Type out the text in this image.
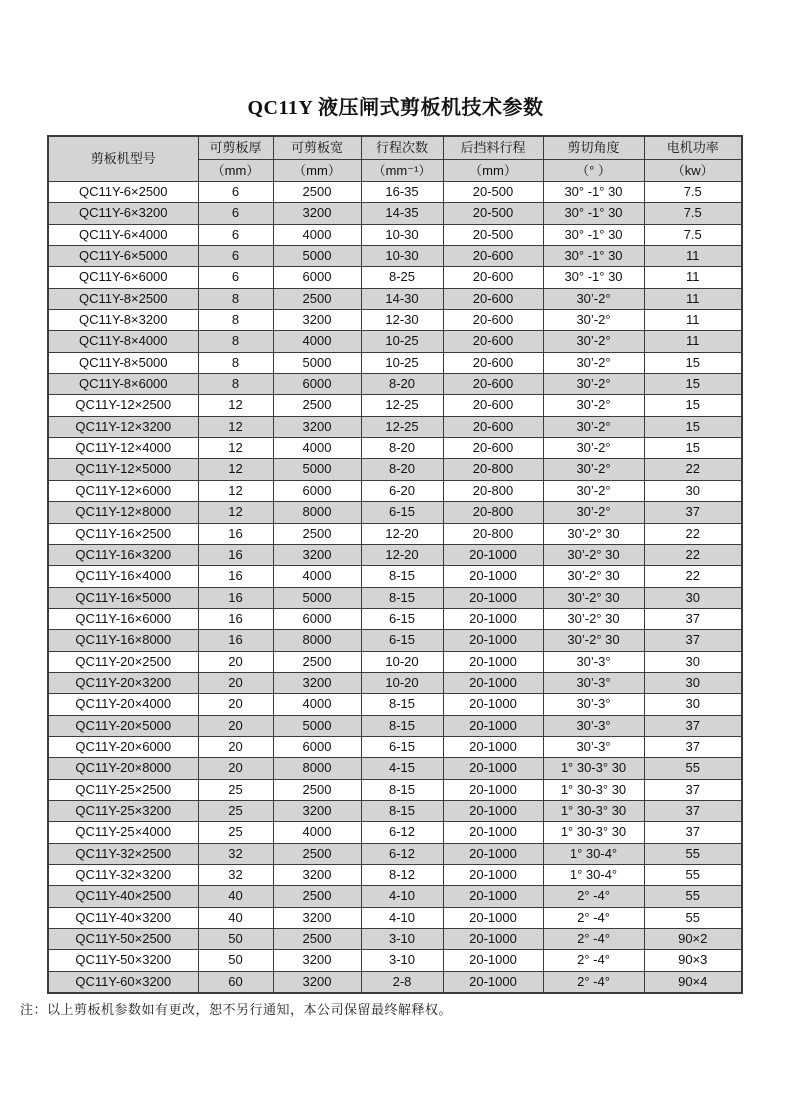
QC11Y 液压闸式剪板机技术参数
剪板机型号	可剪板厚	可剪板宽	行程次数	后挡料行程	剪切角度	电机功率
	（mm）	（mm）	（mm⁻¹）	（mm）	（° ）	（kw）
QC11Y-6×2500	6	2500	16-35	20-500	30° -1° 30	7.5
QC11Y-6×3200	6	3200	14-35	20-500	30° -1° 30	7.5
QC11Y-6×4000	6	4000	10-30	20-500	30° -1° 30	7.5
QC11Y-6×5000	6	5000	10-30	20-600	30° -1° 30	11
QC11Y-6×6000	6	6000	8-25	20-600	30° -1° 30	11
QC11Y-8×2500	8	2500	14-30	20-600	30’-2°	11
QC11Y-8×3200	8	3200	12-30	20-600	30’-2°	11
QC11Y-8×4000	8	4000	10-25	20-600	30’-2°	11
QC11Y-8×5000	8	5000	10-25	20-600	30’-2°	15
QC11Y-8×6000	8	6000	8-20	20-600	30’-2°	15
QC11Y-12×2500	12	2500	12-25	20-600	30’-2°	15
QC11Y-12×3200	12	3200	12-25	20-600	30’-2°	15
QC11Y-12×4000	12	4000	8-20	20-600	30’-2°	15
QC11Y-12×5000	12	5000	8-20	20-800	30’-2°	22
QC11Y-12×6000	12	6000	6-20	20-800	30’-2°	30
QC11Y-12×8000	12	8000	6-15	20-800	30’-2°	37
QC11Y-16×2500	16	2500	12-20	20-800	30’-2° 30	22
QC11Y-16×3200	16	3200	12-20	20-1000	30’-2° 30	22
QC11Y-16×4000	16	4000	8-15	20-1000	30’-2° 30	22
QC11Y-16×5000	16	5000	8-15	20-1000	30’-2° 30	30
QC11Y-16×6000	16	6000	6-15	20-1000	30’-2° 30	37
QC11Y-16×8000	16	8000	6-15	20-1000	30’-2° 30	37
QC11Y-20×2500	20	2500	10-20	20-1000	30’-3°	30
QC11Y-20×3200	20	3200	10-20	20-1000	30’-3°	30
QC11Y-20×4000	20	4000	8-15	20-1000	30’-3°	30
QC11Y-20×5000	20	5000	8-15	20-1000	30’-3°	37
QC11Y-20×6000	20	6000	6-15	20-1000	30’-3°	37
QC11Y-20×8000	20	8000	4-15	20-1000	1° 30-3° 30	55
QC11Y-25×2500	25	2500	8-15	20-1000	1° 30-3° 30	37
QC11Y-25×3200	25	3200	8-15	20-1000	1° 30-3° 30	37
QC11Y-25×4000	25	4000	6-12	20-1000	1° 30-3° 30	37
QC11Y-32×2500	32	2500	6-12	20-1000	1° 30-4°	55
QC11Y-32×3200	32	3200	8-12	20-1000	1° 30-4°	55
QC11Y-40×2500	40	2500	4-10	20-1000	2° -4°	55
QC11Y-40×3200	40	3200	4-10	20-1000	2° -4°	55
QC11Y-50×2500	50	2500	3-10	20-1000	2° -4°	90×2
QC11Y-50×3200	50	3200	3-10	20-1000	2° -4°	90×3
QC11Y-60×3200	60	3200	2-8	20-1000	2° -4°	90×4
注：以上剪板机参数如有更改，恕不另行通知，本公司保留最终解释权。
